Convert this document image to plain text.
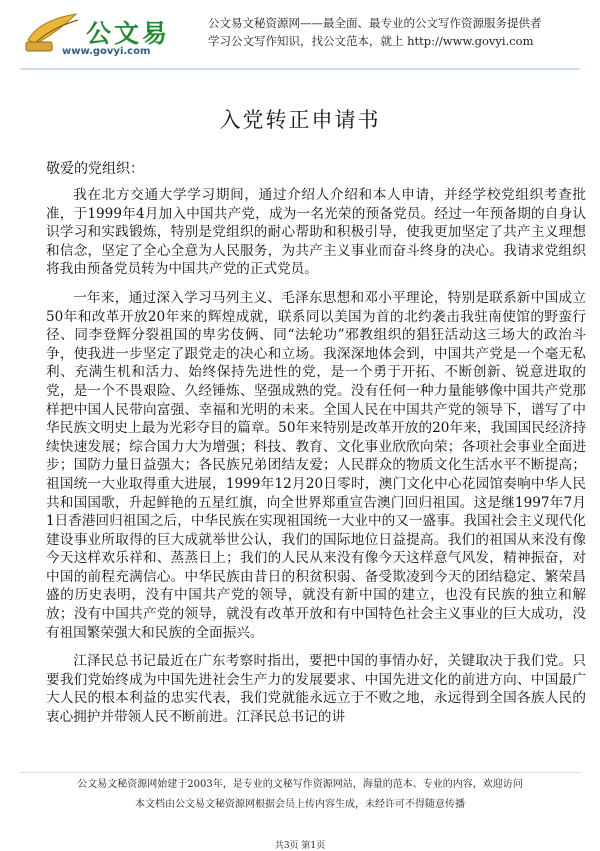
公文易
www.govyi.com
公文易文秘资源网——最全面、最专业的公文写作资源服务提供者
学习公文写作知识，找公文范本，就上 http://www.govyi.com
入党转正申请书
敬爱的党组织：

我在北方交通大学学习期间，通过介绍人介绍和本人申请，并经学校党组织考查批准，于1999年4月加入中国共产党，成为一名光荣的预备党员。经过一年预备期的自身认识学习和实践锻炼，特别是党组织的耐心帮助和积极引导，使我更加坚定了共产主义理想和信念，坚定了全心全意为人民服务，为共产主义事业而奋斗终身的决心。我请求党组织将我由预备党员转为中国共产党的正式党员。

一年来，通过深入学习马列主义、毛泽东思想和邓小平理论，特别是联系新中国成立50年和改革开放20年来的辉煌成就，联系同以美国为首的北约袭击我驻南使馆的野蛮行径、同李登辉分裂祖国的卑劣伎俩、同“法轮功”邪教组织的猖狂活动这三场大的政治斗争，使我进一步坚定了跟党走的决心和立场。我深深地体会到，中国共产党是一个毫无私利、充满生机和活力、始终保持先进性的党，是一个勇于开拓、不断创新、锐意进取的党，是一个不畏艰险、久经锤炼、坚强成熟的党。没有任何一种力量能够像中国共产党那样把中国人民带向富强、幸福和光明的未来。全国人民在中国共产党的领导下，谱写了中华民族文明史上最为光彩夺目的篇章。50年来特别是改革开放的20年来，我国国民经济持续快速发展；综合国力大为增强；科技、教育、文化事业欣欣向荣；各项社会事业全面进步；国防力量日益强大；各民族兄弟团结友爱；人民群众的物质文化生活水平不断提高；祖国统一大业取得重大进展，1999年12月20日零时，澳门文化中心花园馆奏响中华人民共和国国歌，升起鲜艳的五星红旗，向全世界郑重宣告澳门回归祖国。这是继1997年7月1日香港回归祖国之后，中华民族在实现祖国统一大业中的又一盛事。我国社会主义现代化建设事业所取得的巨大成就举世公认，我们的国际地位日益提高。我们的祖国从来没有像今天这样欢乐祥和、蒸蒸日上；我们的人民从来没有像今天这样意气风发，精神振奋，对中国的前程充满信心。中华民族由昔日的积贫积弱、备受欺凌到今天的团结稳定、繁荣昌盛的历史表明，没有中国共产党的领导，就没有新中国的建立，也没有民族的独立和解放；没有中国共产党的领导，就没有改革开放和有中国特色社会主义事业的巨大成功，没有祖国繁荣强大和民族的全面振兴。

江泽民总书记最近在广东考察时指出，要把中国的事情办好，关键取决于我们党。只要我们党始终成为中国先进社会生产力的发展要求、中国先进文化的前进方向、中国最广大人民的根本利益的忠实代表，我们党就能永远立于不败之地，永远得到全国各族人民的衷心拥护并带领人民不断前进。江泽民总书记的讲

公文易文秘资源网始建于2003年，是专业的文秘写作资源网站，海量的范本、专业的内容，欢迎访问
本文档由公文易文秘资源网根据会员上传内容生成，未经许可不得随意传播
共3页 第1页
